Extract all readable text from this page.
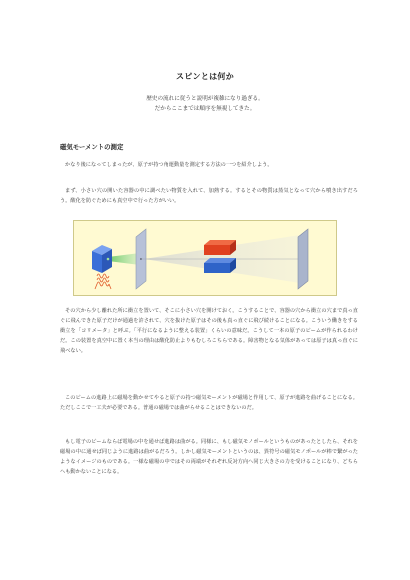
スピンとは何か
歴史の流れに従うと説明が複雑になり過ぎる。
だからここまでは順序を無視してきた。
磁気モーメントの測定
かなり後になってしまったが、原子が持つ角運動量を測定する方法の一つを紹介しよう。
まず、小さい穴の開いた容器の中に調べたい物質を入れて、加熱する。するとその物質は蒸気となって穴から噴き出すだろう。酸化を防ぐためにも真空中で行った方がいい。
その穴から少し離れた所に衝立を置いて、そこに小さい穴を開けておく。こうすることで、容器の穴から衝立の穴まで真っ直ぐに飛んできた原子だけが通過を許されて、穴を抜けた原子はその後も真っ直ぐに飛び続けることになる。こういう働きをする衝立を「コリメータ」と呼ぶ。「平行になるように整える装置」くらいの意味だ。こうして一本の原子のビームが作られるわけだ。この装置を真空中に置く本当の理由は酸化防止よりもむしろこちらである。障害物となる気体があっては原子は真っ直ぐに飛べない。
このビームの進路上に磁場を動かせてやると原子の持つ磁気モーメントが磁場と作用して、原子が進路を曲げることになる。ただしここで一工夫が必要である。普通の磁場では曲がらせることはできないのだ。
もし電子のビームならば電場の中を通せば進路は曲がる。同様に、もし磁気モノポールというものがあったとしたら、それを磁場の中に通せば同じように進路は曲がるだろう。しかし磁気モーメントというのは、異符号の磁気モノポールが棒で繋がったようなイメージのものである。一様な磁場の中ではその両端がそれぞれ反対方向へ同じ大きさの力を受けることになり、どちらへも動かないことになる。
